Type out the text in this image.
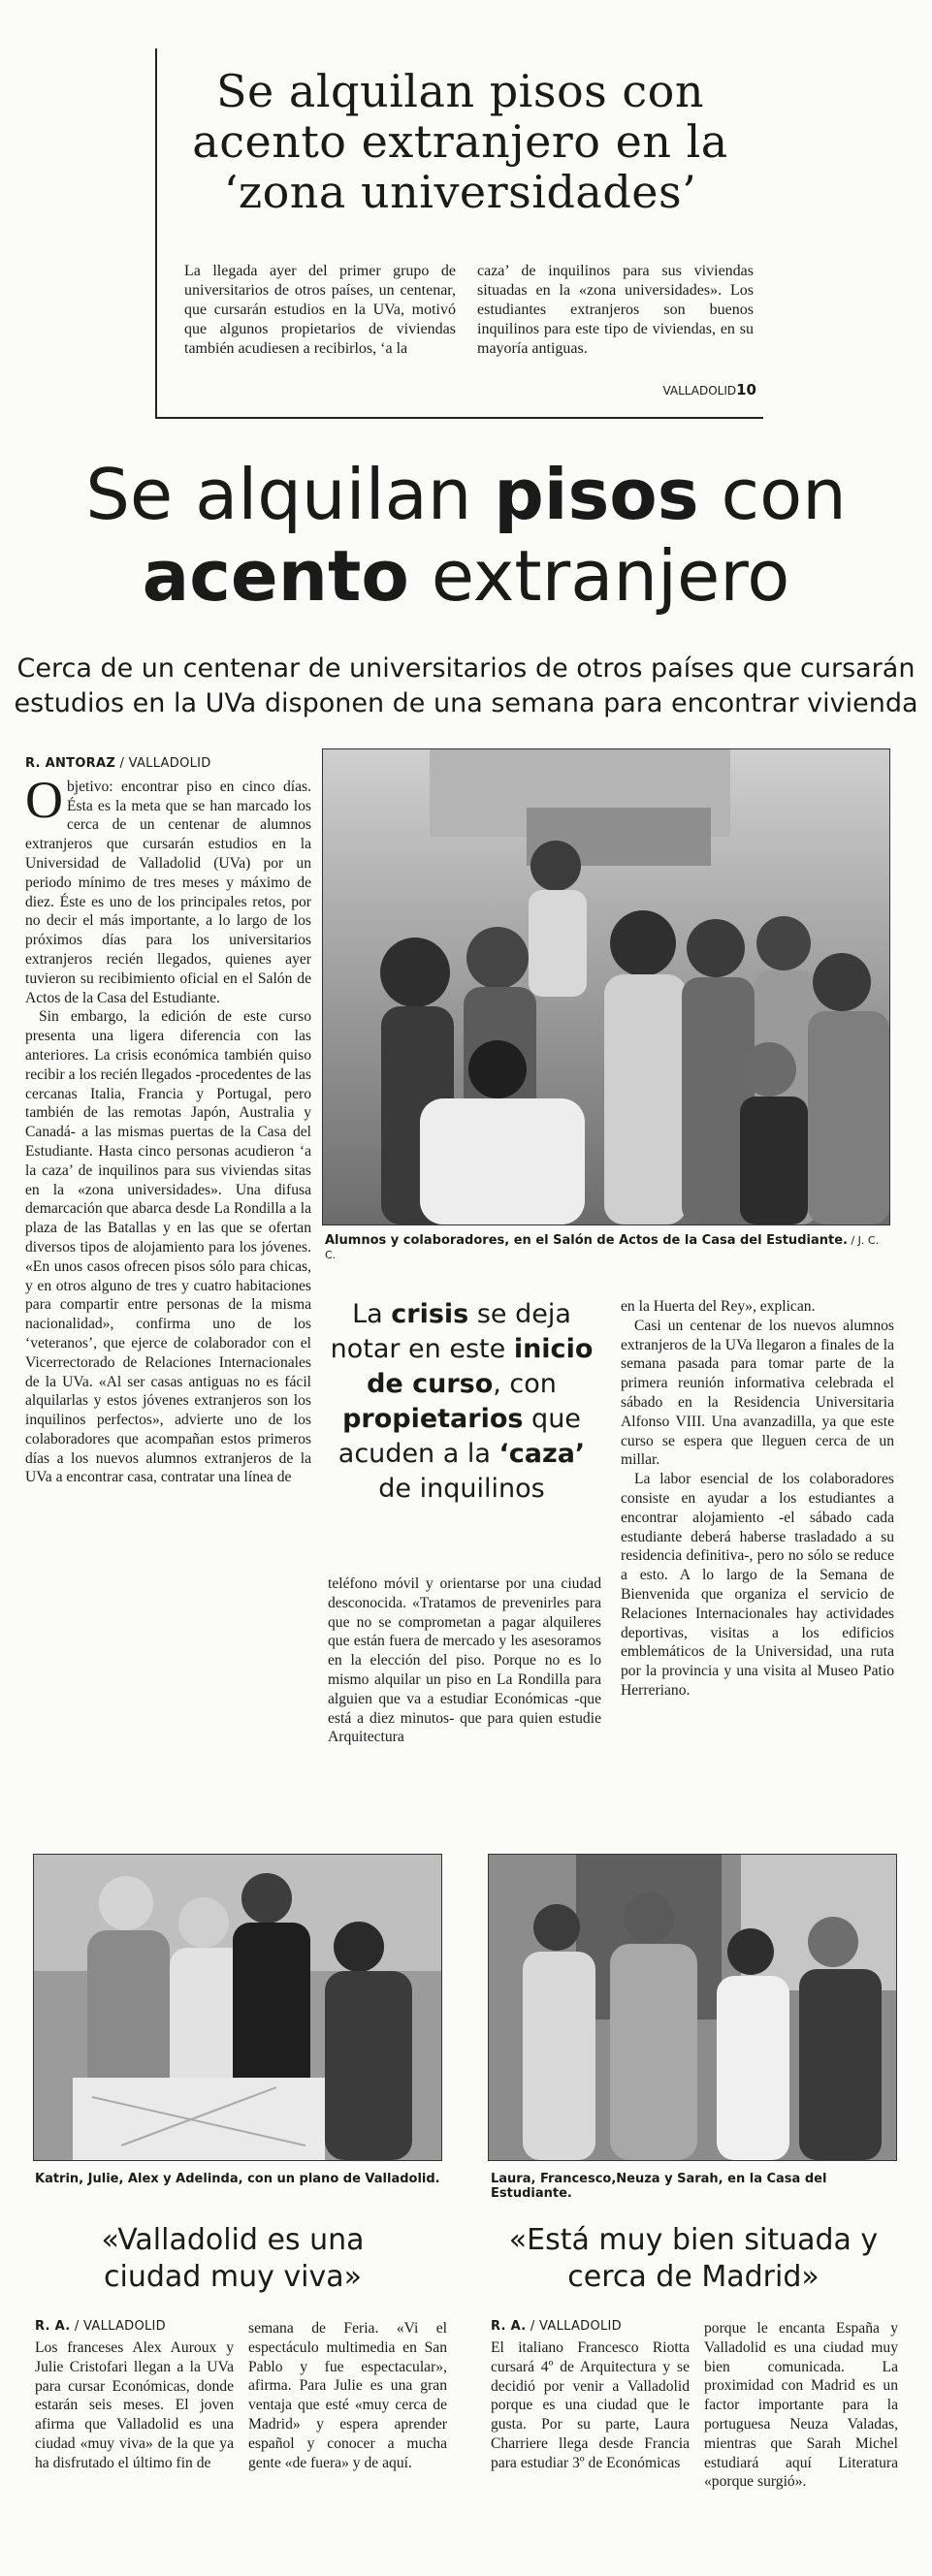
Se alquilan pisos con
acento extranjero en la
‘zona universidades’

La llegada ayer del primer grupo de universitarios de otros países, un centenar, que cursarán estudios en la UVa, motivó que algunos propietarios de viviendas también acudiesen a recibirlos, ‘a la

caza’ de inquilinos para sus viviendas situadas en la «zona universidades». Los estudiantes extranjeros son buenos inquilinos para este tipo de viviendas, en su mayoría antiguas.

VALLADOLID10
Se alquilan pisos con
acento extranjero
Cerca de un centenar de universitarios de otros países que cursarán
estudios en la UVa disponen de una semana para encontrar vivienda
R. ANTORAZ / VALLADOLID

O bjetivo: encontrar piso en cinco días. Ésta es la meta que se han marcado los cerca de un centenar de alumnos extranjeros que cursarán estudios en la Universidad de Valladolid (UVa) por un periodo mínimo de tres meses y máximo de diez. Éste es uno de los principales retos, por no decir el más importante, a lo largo de los próximos días para los universitarios extranjeros recién llegados, quienes ayer tuvieron su recibimiento oficial en el Salón de Actos de la Casa del Estudiante.

Sin embargo, la edición de este curso presenta una ligera diferencia con las anteriores. La crisis económica también quiso recibir a los recién llegados -procedentes de las cercanas Italia, Francia y Portugal, pero también de las remotas Japón, Australia y Canadá- a las mismas puertas de la Casa del Estudiante. Hasta cinco personas acudieron ‘a la caza’ de inquilinos para sus viviendas sitas en la «zona universidades». Una difusa demarcación que abarca desde La Rondilla a la plaza de las Batallas y en las que se ofertan diversos tipos de alojamiento para los jóvenes. «En unos casos ofrecen pisos sólo para chicas, y en otros alguno de tres y cuatro habitaciones para compartir entre personas de la misma nacionalidad», confirma uno de los ‘veteranos’, que ejerce de colaborador con el Vicerrectorado de Relaciones Internacionales de la UVa. «Al ser casas antiguas no es fácil alquilarlas y estos jóvenes extranjeros son los inquilinos perfectos», advierte uno de los colaboradores que acompañan estos primeros días a los nuevos alumnos extranjeros de la UVa a encontrar casa, contratar una línea de

Alumnos y colaboradores, en el Salón de Actos de la Casa del Estudiante. / J. C. C.
La crisis se deja
notar en este inicio
de curso, con
propietarios que
acuden a la ‘caza’
de inquilinos

teléfono móvil y orientarse por una ciudad desconocida. «Tratamos de prevenirles para que no se comprometan a pagar alquileres que están fuera de mercado y les asesoramos en la elección del piso. Porque no es lo mismo alquilar un piso en La Rondilla para alguien que va a estudiar Económicas -que está a diez minutos- que para quien estudie Arquitectura

en la Huerta del Rey», explican.

Casi un centenar de los nuevos alumnos extranjeros de la UVa llegaron a finales de la semana pasada para tomar parte de la primera reunión informativa celebrada el sábado en la Residencia Universitaria Alfonso VIII. Una avanzadilla, ya que este curso se espera que lleguen cerca de un millar.

La labor esencial de los colaboradores consiste en ayudar a los estudiantes a encontrar alojamiento -el sábado cada estudiante deberá haberse trasladado a su residencia definitiva-, pero no sólo se reduce a esto. A lo largo de la Semana de Bienvenida que organiza el servicio de Relaciones Internacionales hay actividades deportivas, visitas a los edificios emblemáticos de la Universidad, una ruta por la provincia y una visita al Museo Patio Herreriano.

Katrin, Julie, Alex y Adelinda, con un plano de Valladolid.	Laura, Francesco,Neuza y Sarah, en la Casa del Estudiante.
«Valladolid es una
ciudad muy viva»
R. A. / VALLADOLID

Los franceses Alex Auroux y Julie Cristofari llegan a la UVa para cursar Económicas, donde estarán seis meses. El joven afirma que Valladolid es una ciudad «muy viva» de la que ya ha disfrutado el último fin de

semana de Feria. «Vi el espectáculo multimedia en San Pablo y fue espectacular», afirma. Para Julie es una gran ventaja que esté «muy cerca de Madrid» y espera aprender español y conocer a mucha gente «de fuera» y de aquí.

«Está muy bien situada y
cerca de Madrid»
R. A. / VALLADOLID

El italiano Francesco Riotta cursará 4º de Arquitectura y se decidió por venir a Valladolid porque es una ciudad que le gusta. Por su parte, Laura Charriere llega desde Francia para estudiar 3º de Económicas

porque le encanta España y Valladolid es una ciudad muy bien comunicada. La proximidad con Madrid es un factor importante para la portuguesa Neuza Valadas, mientras que Sarah Michel estudiará aquí Literatura «porque surgió».
